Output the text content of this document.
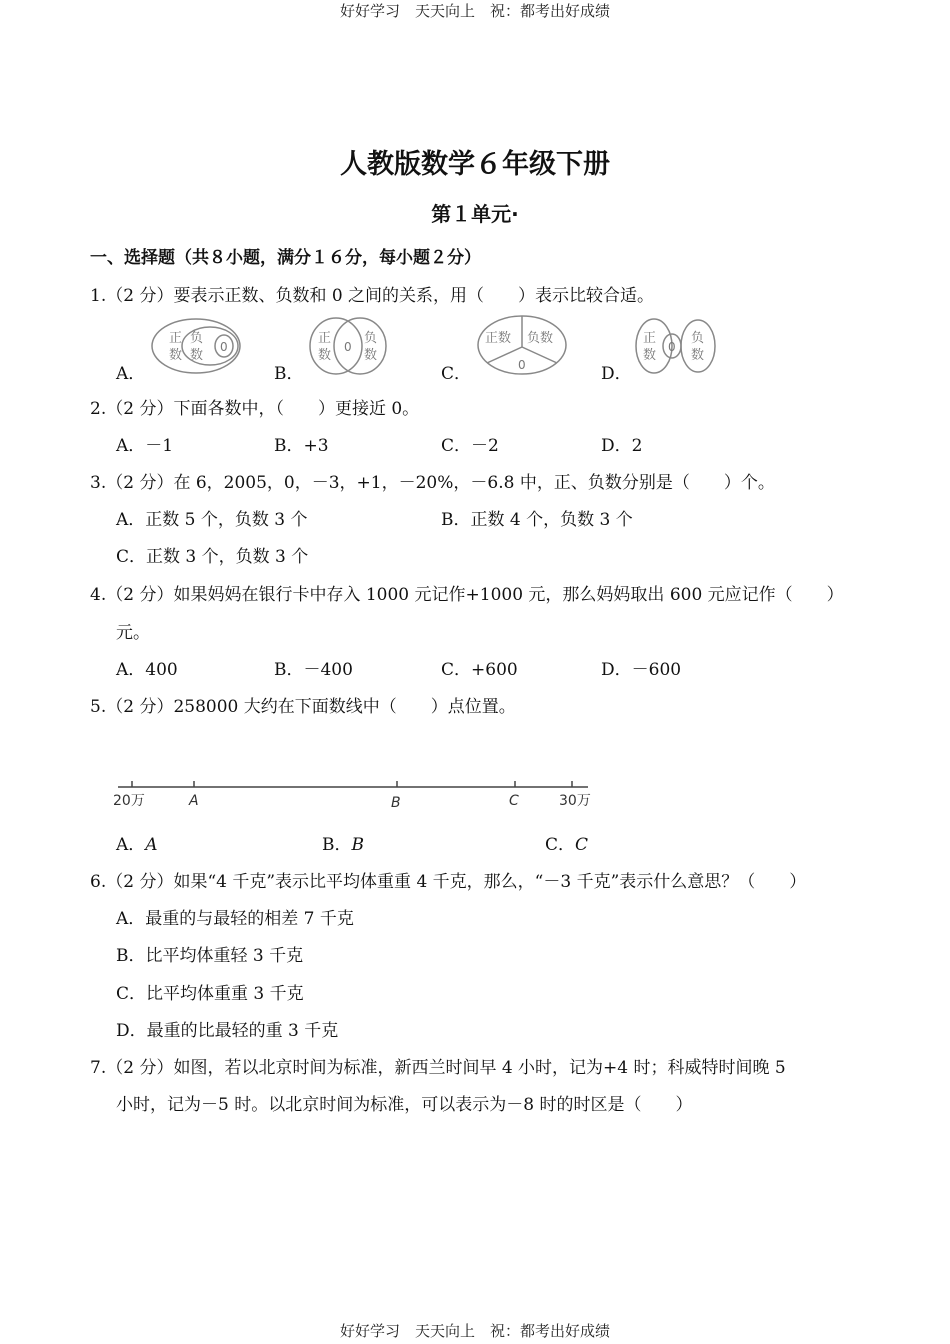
好好学习　天天向上　祝：都考出好成绩
人教版数学６年级下册
第１单元·
一、选择题（共８小题，满分１６分，每小题２分）
1.（2 分）要表示正数、负数和 0 之间的关系，用（　　）表示比较合适。
A．	B．	C．	D．
正
数
负
数
0
正
数
0
负
数
正数 负数
0
正
数
0
负
数
2.（2 分）下面各数中，（　　）更接近 0。
A．－1	B．+3	C．－2	D．2
3.（2 分）在 6，2005，0，－3，+1，－20%，－6.8 中，正、负数分别是（　　）个。
A．正数 5 个，负数 3 个	B．正数 4 个，负数 3 个
C．正数 3 个，负数 3 个
4.（2 分）如果妈妈在银行卡中存入 1000 元记作+1000 元，那么妈妈取出 600 元应记作（　　）
元。
A．400	B．－400	C．+600	D．－600
5.（2 分）258000 大约在下面数线中（　　）点位置。
20万	A	B	C	30万
A．A	B．B	C．C
6.（2 分）如果“4 千克”表示比平均体重重 4 千克，那么，“－3 千克”表示什么意思？（　　）
A．最重的与最轻的相差 7 千克
B．比平均体重轻 3 千克
C．比平均体重重 3 千克
D．最重的比最轻的重 3 千克
7.（2 分）如图，若以北京时间为标准，新西兰时间早 4 小时，记为+4 时；科威特时间晚 5
小时，记为－5 时。以北京时间为标准，可以表示为－8 时的时区是（　　）
好好学习　天天向上　祝：都考出好成绩
